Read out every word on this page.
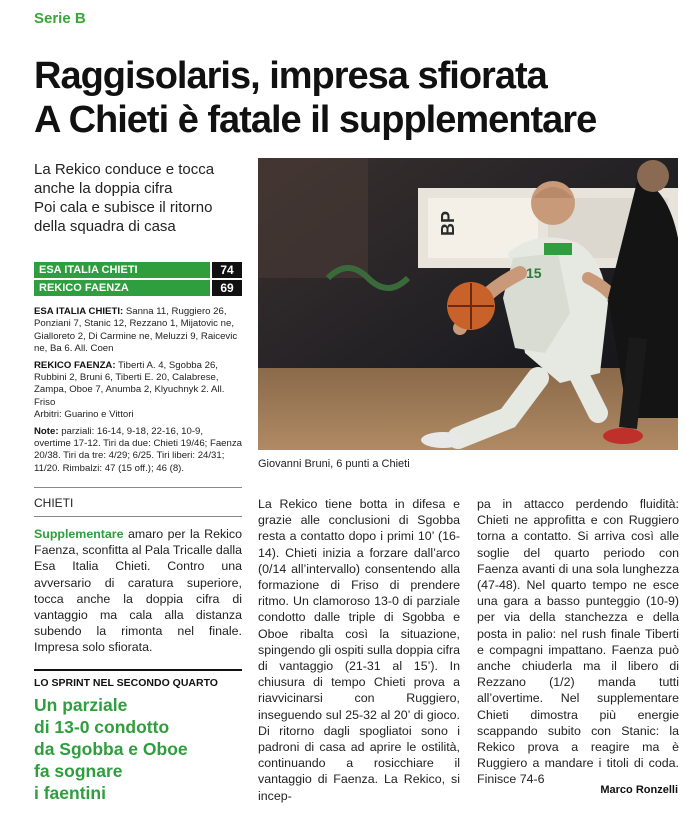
Serie B
Raggisolaris, impresa sfiorata
A Chieti è fatale il supplementare
La Rekico conduce e tocca
anche la doppia cifra
Poi cala e subisce il ritorno
della squadra di casa
ESA ITALIA CHIETI	74
REKICO FAENZA	69

ESA ITALIA CHIETI: Sanna 11, Ruggiero 26, Ponziani 7, Stanic 12, Rezzano 1, Mijatovic ne, Gialloreto 2, Di Carmine ne, Meluzzi 9, Raicevic ne, Ba 6. All. Coen

REKICO FAENZA: Tiberti A. 4, Sgobba 26, Rubbini 2, Bruni 6, Tiberti E. 20, Calabrese, Zampa, Oboe 7, Anumba 2, Klyuchnyk 2. All. Friso
Arbitri: Guarino e Vittori

Note: parziali: 16-14, 9-18, 22-16, 10-9, overtime 17-12. Tiri da due: Chieti 19/46; Faenza 20/38. Tiri da tre: 4/29; 6/25. Tiri liberi: 24/31; 11/20. Rimbalzi: 47 (15 off.); 46 (8).

CHIETI
Supplementare amaro per la Rekico Faenza, sconfitta al Pala Tricalle dalla Esa Italia Chieti. Contro una avversario di caratura superiore, tocca anche la doppia cifra di vantaggio ma cala alla distanza subendo la rimonta nel finale. Impresa solo sfiorata.
LO SPRINT NEL SECONDO QUARTO
Un parziale
di 13-0 condotto
da Sgobba e Oboe
fa sognare
i faentini
BP
15
Giovanni Bruni, 6 punti a Chieti
La Rekico tiene botta in difesa e grazie alle conclusioni di Sgobba resta a contatto dopo i primi 10’ (16-14). Chieti inizia a forzare dall’arco (0/14 all’intervallo) consentendo alla formazione di Friso di prendere ritmo. Un clamoroso 13-0 di parziale condotto dalle triple di Sgobba e Oboe ribalta così la situazione, spingendo gli ospiti sulla doppia cifra di vantaggio (21-31 al 15’). In chiusura di tempo Chieti prova a riavvicinarsi con Ruggiero, inseguendo sul 25-32 al 20’ di gioco. Di ritorno dagli spogliatoi sono i padroni di casa ad aprire le ostilità, continuando a rosicchiare il vantaggio di Faenza. La Rekico, si incep-
pa in attacco perdendo fluidità: Chieti ne approfitta e con Ruggiero torna a contatto. Si arriva così alle soglie del quarto periodo con Faenza avanti di una sola lunghezza (47-48). Nel quarto tempo ne esce una gara a basso punteggio (10-9) per via della stanchezza e della posta in palio: nel rush finale Tiberti e compagni impattano. Faenza può anche chiuderla ma il libero di Rezzano (1/2) manda tutti all’overtime. Nel supplementare Chieti dimostra più energie scappando subito con Stanic: la Rekico prova a reagire ma è Ruggiero a mandare i titoli di coda. Finisce 74-6
Marco Ronzelli
